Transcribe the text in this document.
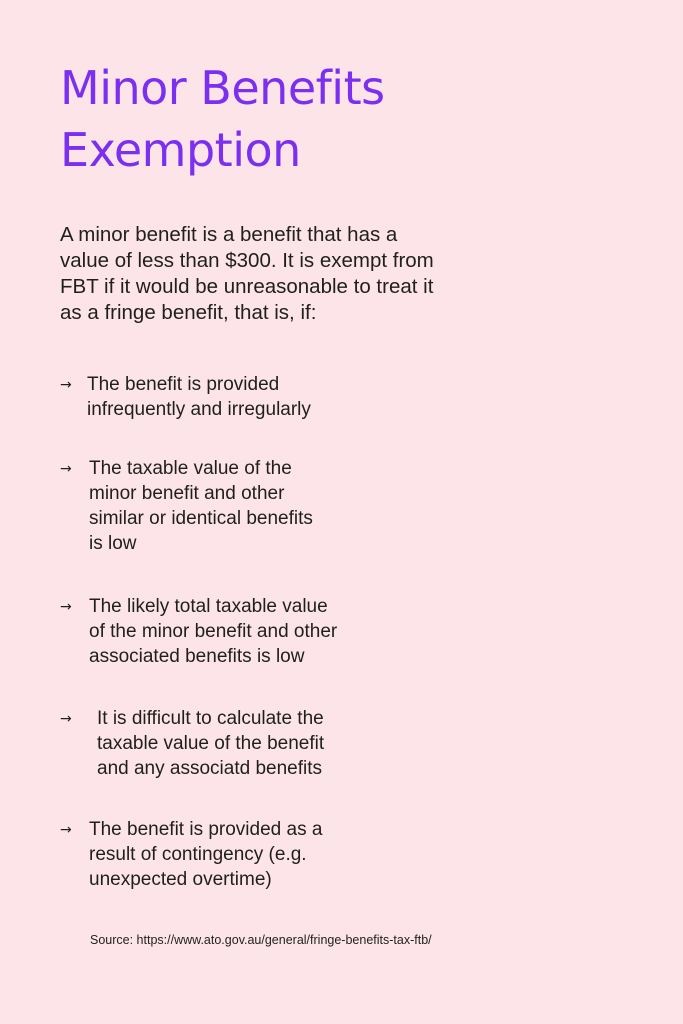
Minor Benefits
Exemption

A minor benefit is a benefit that has a
value of less than $300. It is exempt from
FBT if it would be unreasonable to treat it
as a fringe benefit, that is, if:

→ The benefit is provided
infrequently and irregularly
→ The taxable value of the
minor benefit and other
similar or identical benefits
is low
→ The likely total taxable value
of the minor benefit and other
associated benefits is low
→	It is difficult to calculate the
taxable value of the benefit
and any associatd benefits
→ The benefit is provided as a
result of contingency (e.g.
unexpected overtime)

Source: https://www.ato.gov.au/general/fringe-benefits-tax-ftb/
